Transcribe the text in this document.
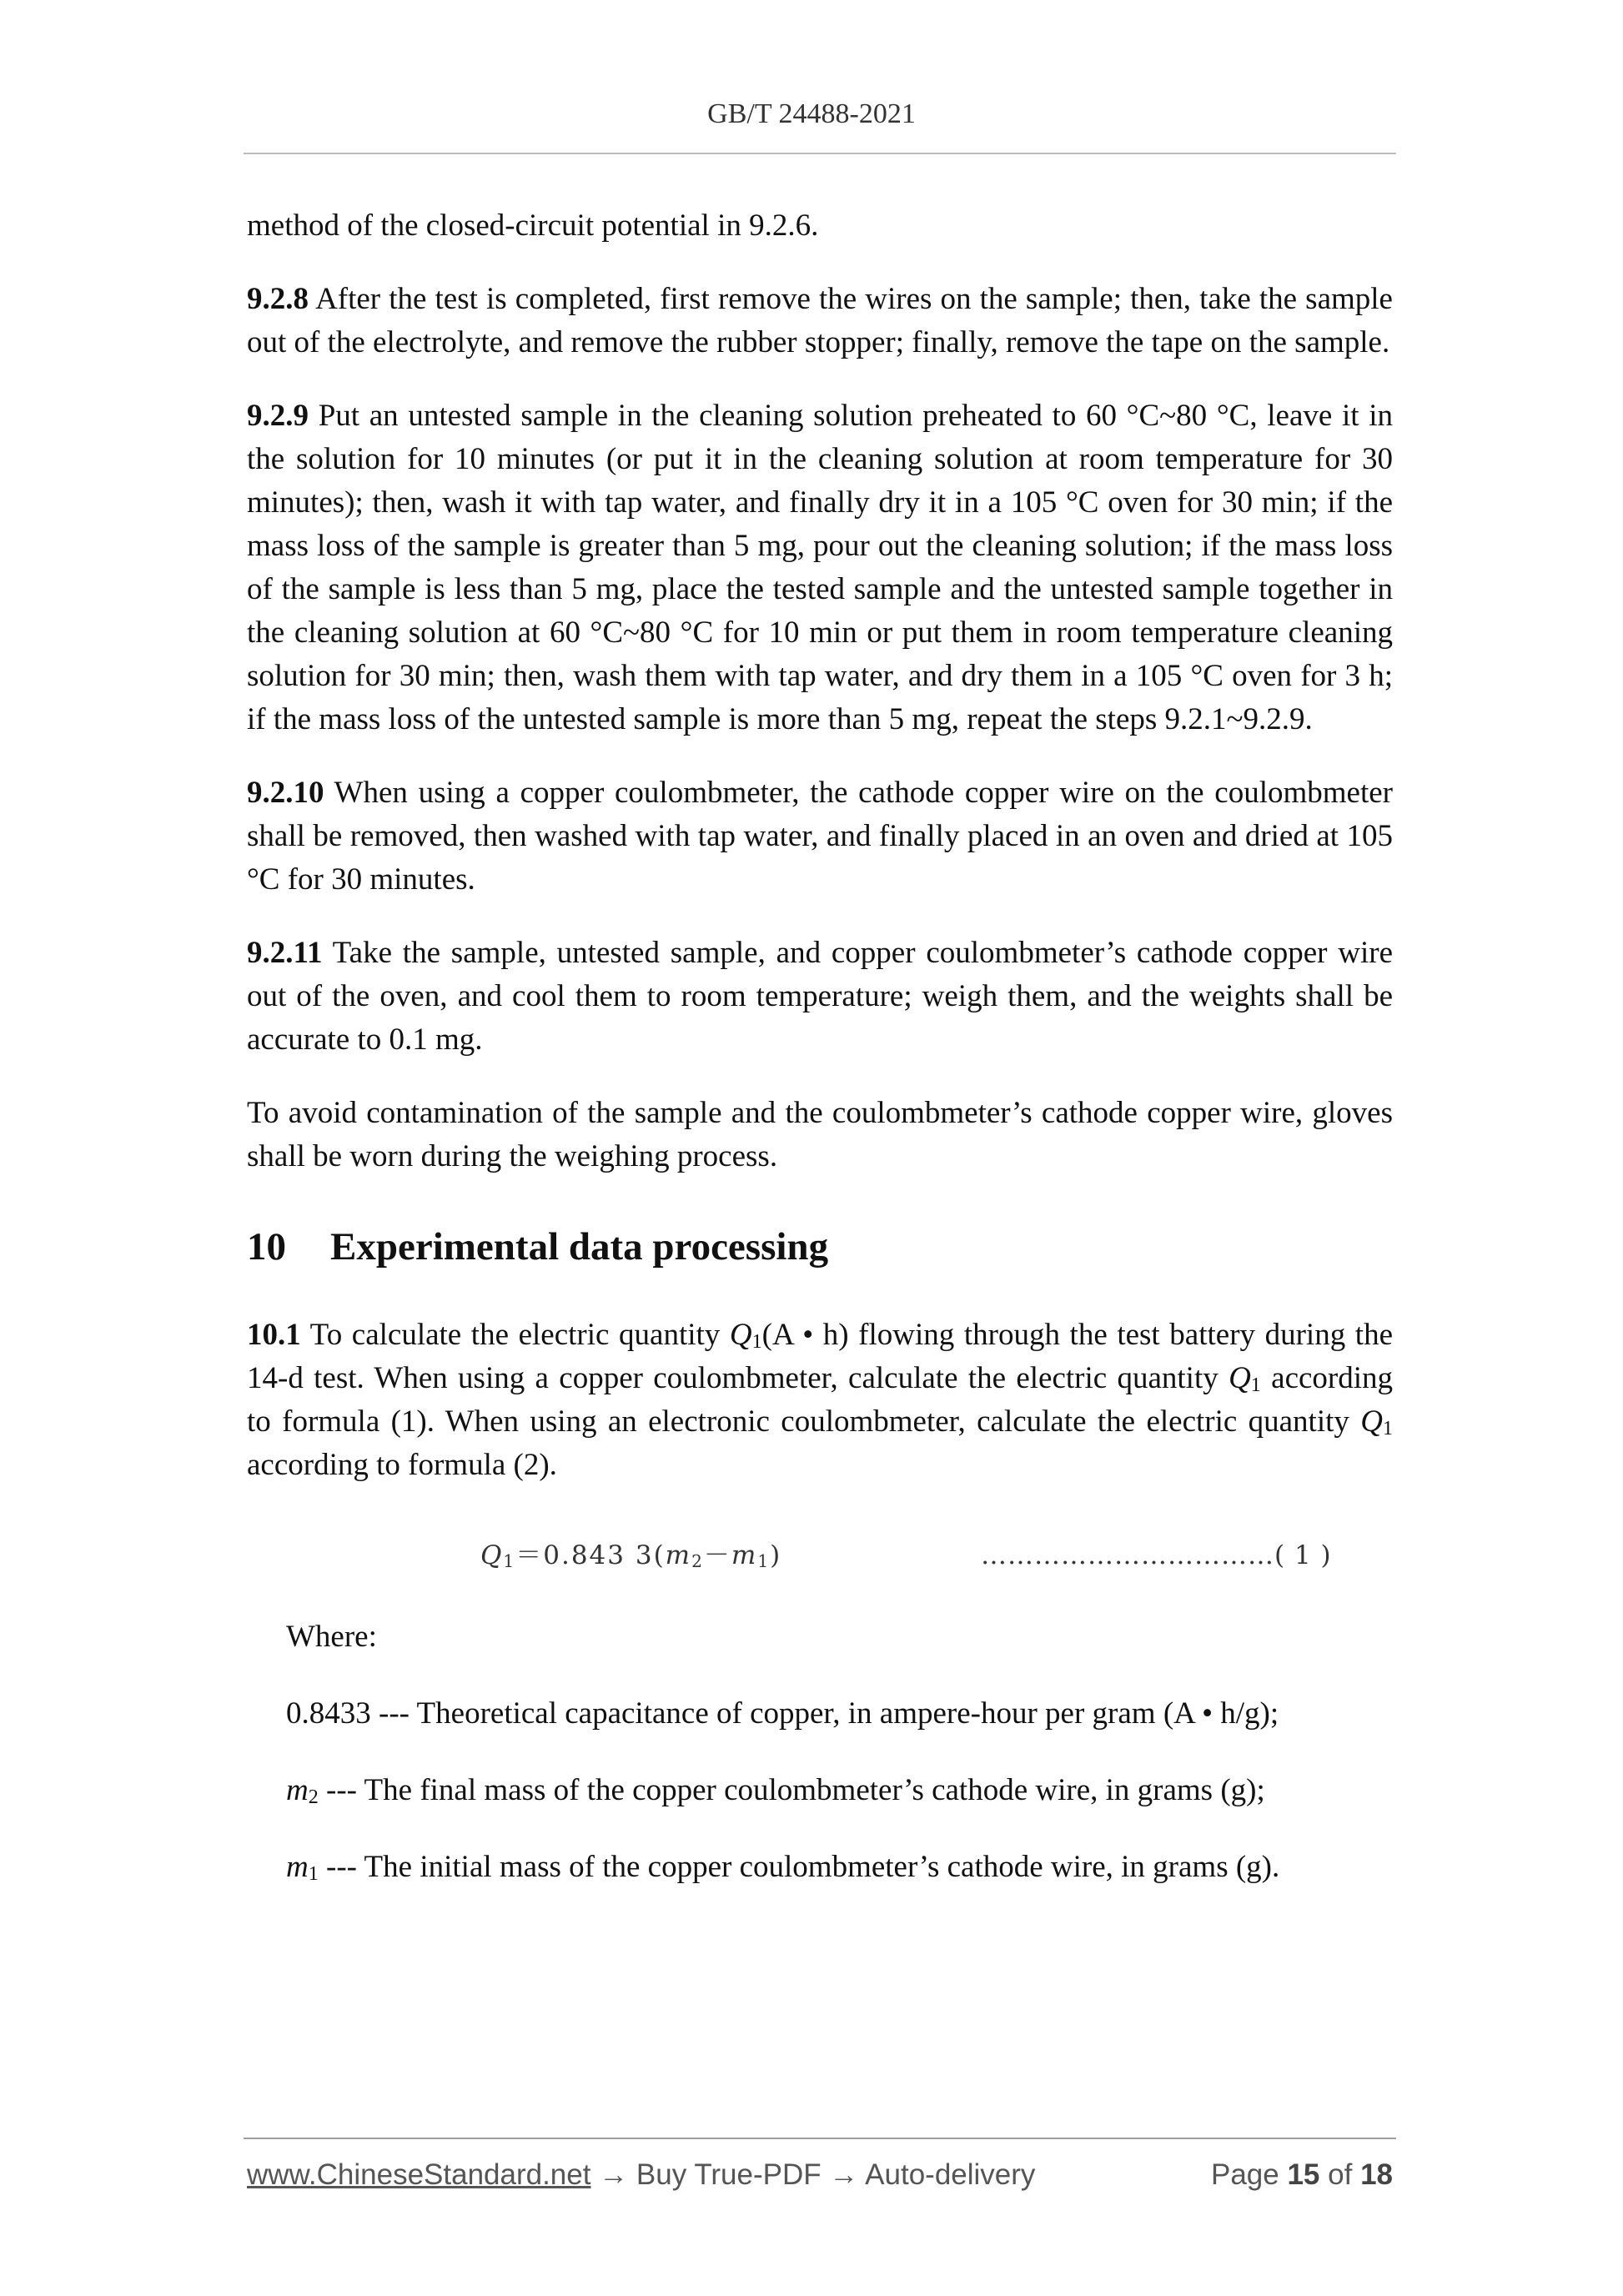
GB/T 24488-2021

method of the closed-circuit potential in 9.2.6.

9.2.8 After the test is completed, first remove the wires on the sample; then, take the sample out of the electrolyte, and remove the rubber stopper; finally, remove the tape on the sample.

9.2.9 Put an untested sample in the cleaning solution preheated to 60 °C~80 °C, leave it in the solution for 10 minutes (or put it in the cleaning solution at room temperature for 30 minutes); then, wash it with tap water, and finally dry it in a 105 °C oven for 30 min; if the mass loss of the sample is greater than 5 mg, pour out the cleaning solution; if the mass loss of the sample is less than 5 mg, place the tested sample and the untested sample together in the cleaning solution at 60 °C~80 °C for 10 min or put them in room temperature cleaning solution for 30 min; then, wash them with tap water, and dry them in a 105 °C oven for 3 h; if the mass loss of the untested sample is more than 5 mg, repeat the steps 9.2.1~9.2.9.

9.2.10 When using a copper coulombmeter, the cathode copper wire on the coulombmeter shall be removed, then washed with tap water, and finally placed in an oven and dried at 105 °C for 30 minutes.

9.2.11 Take the sample, untested sample, and copper coulombmeter’s cathode copper wire out of the oven, and cool them to room temperature; weigh them, and the weights shall be accurate to 0.1 mg.

To avoid contamination of the sample and the coulombmeter’s cathode copper wire, gloves shall be worn during the weighing process.

10 Experimental data processing

10.1 To calculate the electric quantity $Q_1(A$ • h) flowing through the test battery during the 14-d test. When using a copper coulombmeter, calculate the electric quantity $Q_1$ according to formula (1). When using an electronic coulombmeter, calculate the electric quantity $Q_1$ according to formula (2).

$Q_1=0.843$ $3(m_2-m_1)$	……………………………( 1 )

Where:

0.8433 --- Theoretical capacitance of copper, in ampere-hour per gram (A • h/g);

$m_2$ --- The final mass of the copper coulombmeter’s cathode wire, in grams (g);

$m_1$ --- The initial mass of the copper coulombmeter’s cathode wire, in grams (g).

www.ChineseStandard.net → Buy True-PDF → Auto-delivery	Page 15 of 18
